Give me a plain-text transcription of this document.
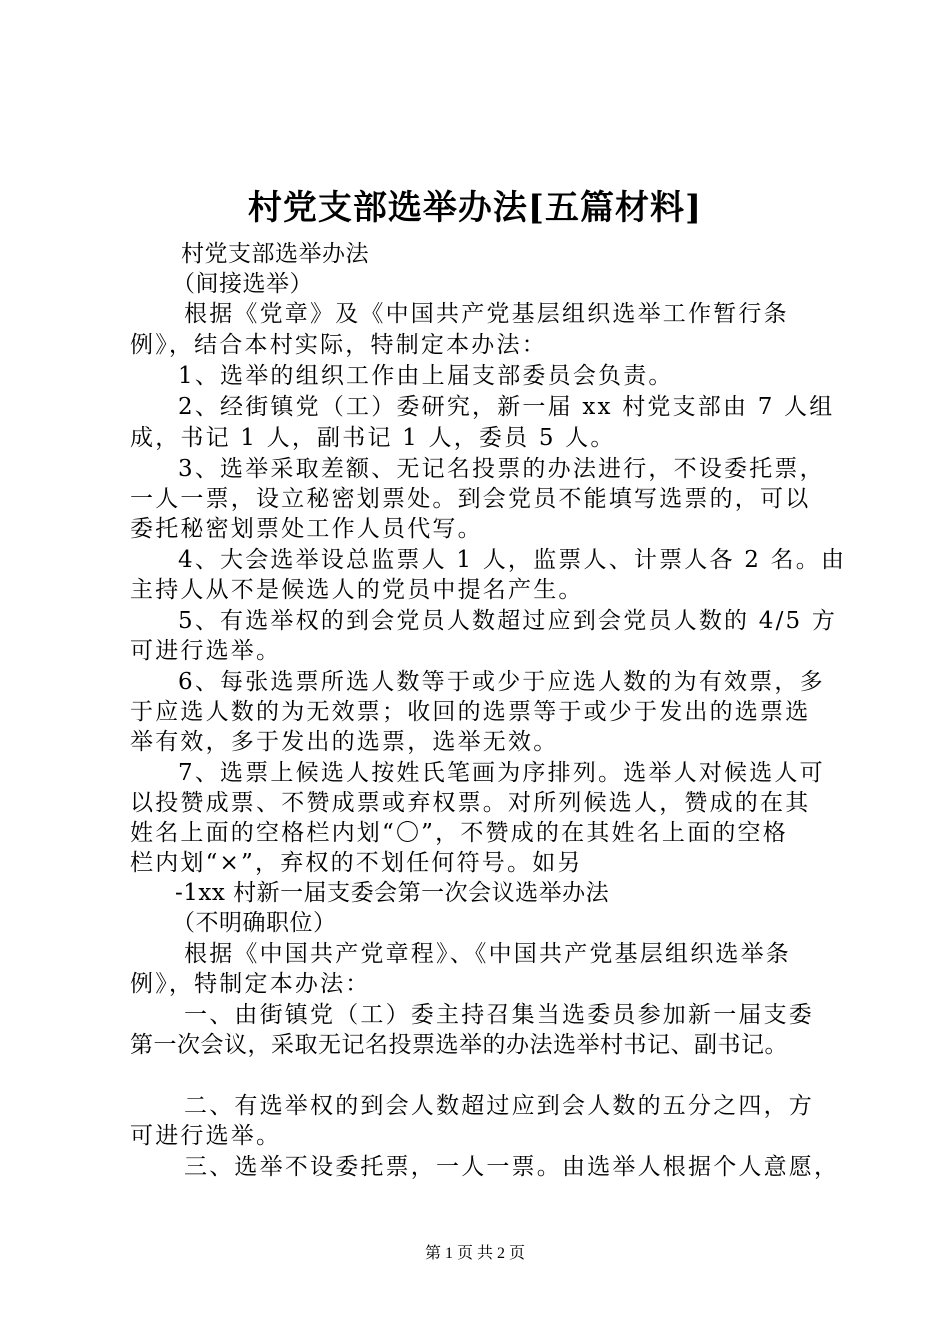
村党支部选举办法[五篇材料]
村党支部选举办法
（间接选举）
根据《党章》及《中国共产党基层组织选举工作暂行条
例》，结合本村实际，特制定本办法：
1、选举的组织工作由上届支部委员会负责。
2、经街镇党（工）委研究，新一届 xx 村党支部由 7 人组
成，书记 1 人，副书记 1 人，委员 5 人。
3、选举采取差额、无记名投票的办法进行，不设委托票，
一人一票，设立秘密划票处。到会党员不能填写选票的，可以
委托秘密划票处工作人员代写。
4、大会选举设总监票人 1 人，监票人、计票人各 2 名。由
主持人从不是候选人的党员中提名产生。
5、有选举权的到会党员人数超过应到会党员人数的 4/5 方
可进行选举。
6、每张选票所选人数等于或少于应选人数的为有效票，多
于应选人数的为无效票；收回的选票等于或少于发出的选票选
举有效，多于发出的选票，选举无效。
7、选票上候选人按姓氏笔画为序排列。选举人对候选人可
以投赞成票、不赞成票或弃权票。对所列候选人，赞成的在其
姓名上面的空格栏内划“〇”，不赞成的在其姓名上面的空格
栏内划“×”，弃权的不划任何符号。如另
-1xx 村新一届支委会第一次会议选举办法
（不明确职位）
根据《中国共产党章程》、《中国共产党基层组织选举条
例》，特制定本办法：
一、由街镇党（工）委主持召集当选委员参加新一届支委
第一次会议，采取无记名投票选举的办法选举村书记、副书记。
二、有选举权的到会人数超过应到会人数的五分之四，方
可进行选举。
三、选举不设委托票，一人一票。由选举人根据个人意愿，
第 1 页 共 2 页
